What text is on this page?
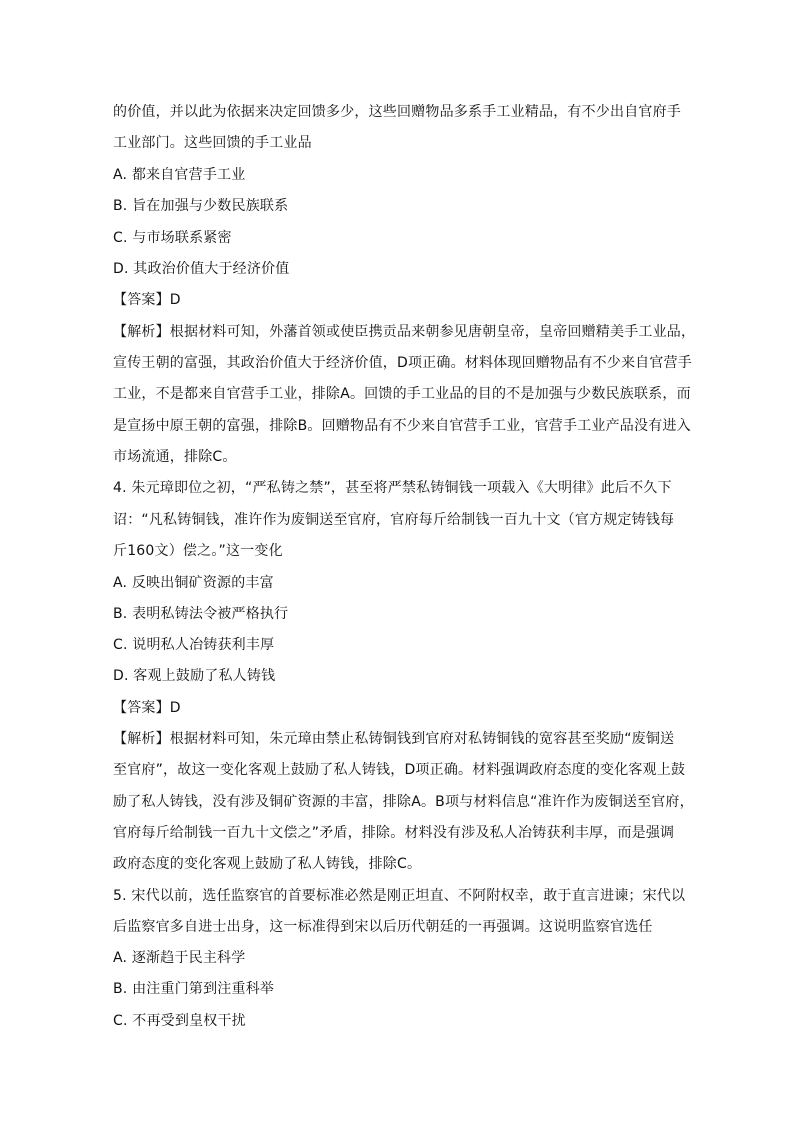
的价值，并以此为依据来决定回馈多少，这些回赠物品多系手工业精品，有不少出自官府手
工业部门。这些回馈的手工业品
A. 都来自官营手工业
B. 旨在加强与少数民族联系
C. 与市场联系紧密
D. 其政治价值大于经济价值
【答案】D
【解析】根据材料可知，外藩首领或使臣携贡品来朝参见唐朝皇帝，皇帝回赠精美手工业品，
宣传王朝的富强，其政治价值大于经济价值，D项正确。材料体现回赠物品有不少来自官营手
工业，不是都来自官营手工业，排除A。回馈的手工业品的目的不是加强与少数民族联系，而
是宣扬中原王朝的富强，排除B。回赠物品有不少来自官营手工业，官营手工业产品没有进入
市场流通，排除C。
4. 朱元璋即位之初，“严私铸之禁”，甚至将严禁私铸铜钱一项载入《大明律》此后不久下
诏：“凡私铸铜钱，准许作为废铜送至官府，官府每斤给制钱一百九十文（官方规定铸钱每
斤160文）偿之。”这一变化
A. 反映出铜矿资源的丰富
B. 表明私铸法令被严格执行
C. 说明私人冶铸获利丰厚
D. 客观上鼓励了私人铸钱
【答案】D
【解析】根据材料可知，朱元璋由禁止私铸铜钱到官府对私铸铜钱的宽容甚至奖励“废铜送
至官府”，故这一变化客观上鼓励了私人铸钱，D项正确。材料强调政府态度的变化客观上鼓
励了私人铸钱，没有涉及铜矿资源的丰富，排除A。B项与材料信息“准许作为废铜送至官府，
官府每斤给制钱一百九十文偿之”矛盾，排除。材料没有涉及私人冶铸获利丰厚，而是强调
政府态度的变化客观上鼓励了私人铸钱，排除C。
5. 宋代以前，选任监察官的首要标准必然是刚正坦直、不阿附权幸，敢于直言进谏；宋代以
后监察官多自进士出身，这一标准得到宋以后历代朝廷的一再强调。这说明监察官选任
A. 逐渐趋于民主科学
B. 由注重门第到注重科举
C. 不再受到皇权干扰
